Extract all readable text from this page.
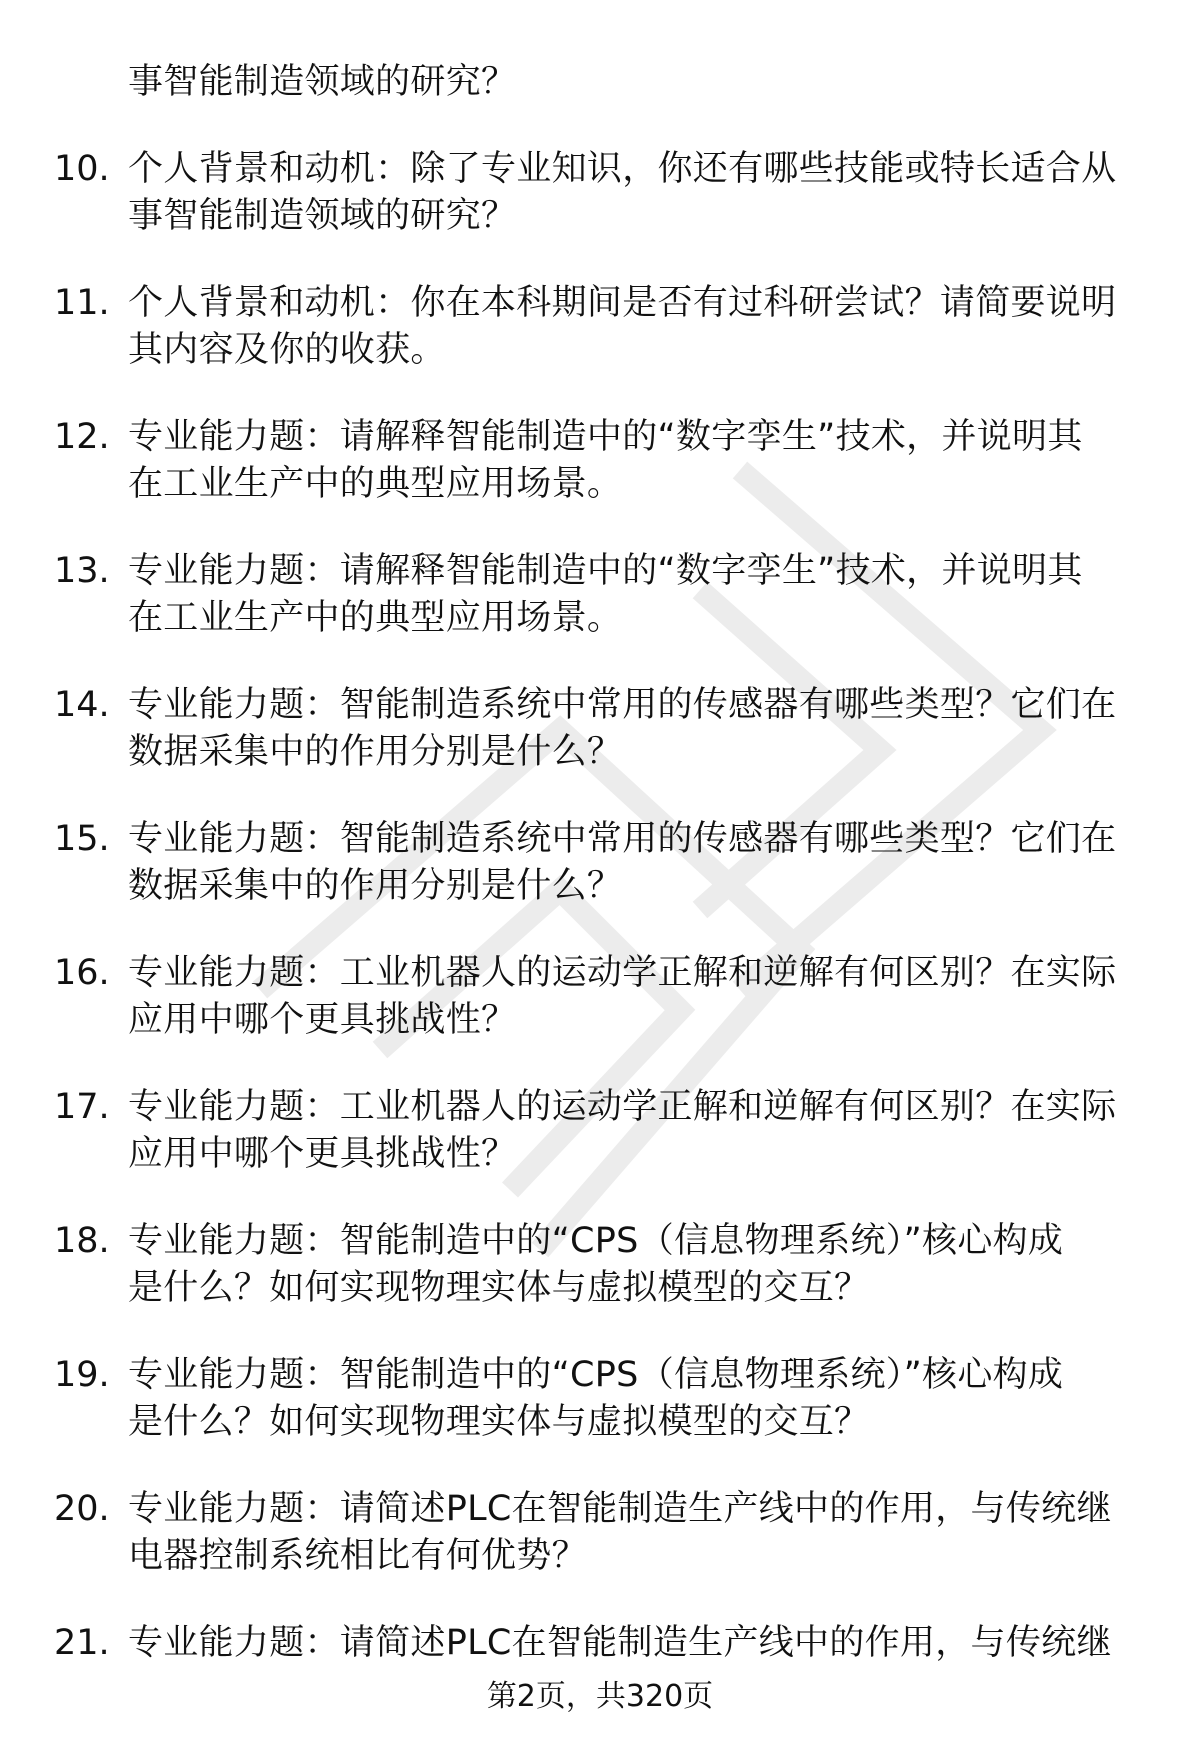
事智能制造领域的研究？
10. 个人背景和动机：除了专业知识，你还有哪些技能或特长适合从
事智能制造领域的研究？
11. 个人背景和动机：你在本科期间是否有过科研尝试？请简要说明
其内容及你的收获。
12. 专业能力题：请解释智能制造中的“数字孪生”技术，并说明其
在工业生产中的典型应用场景。
13. 专业能力题：请解释智能制造中的“数字孪生”技术，并说明其
在工业生产中的典型应用场景。
14. 专业能力题：智能制造系统中常用的传感器有哪些类型？它们在
数据采集中的作用分别是什么？
15. 专业能力题：智能制造系统中常用的传感器有哪些类型？它们在
数据采集中的作用分别是什么？
16. 专业能力题：工业机器人的运动学正解和逆解有何区别？在实际
应用中哪个更具挑战性？
17. 专业能力题：工业机器人的运动学正解和逆解有何区别？在实际
应用中哪个更具挑战性？
18. 专业能力题：智能制造中的“CPS（信息物理系统）”核心构成
是什么？如何实现物理实体与虚拟模型的交互？
19. 专业能力题：智能制造中的“CPS（信息物理系统）”核心构成
是什么？如何实现物理实体与虚拟模型的交互？
20. 专业能力题：请简述PLC在智能制造生产线中的作用，与传统继
电器控制系统相比有何优势？
21. 专业能力题：请简述PLC在智能制造生产线中的作用，与传统继
第2页，共320页
